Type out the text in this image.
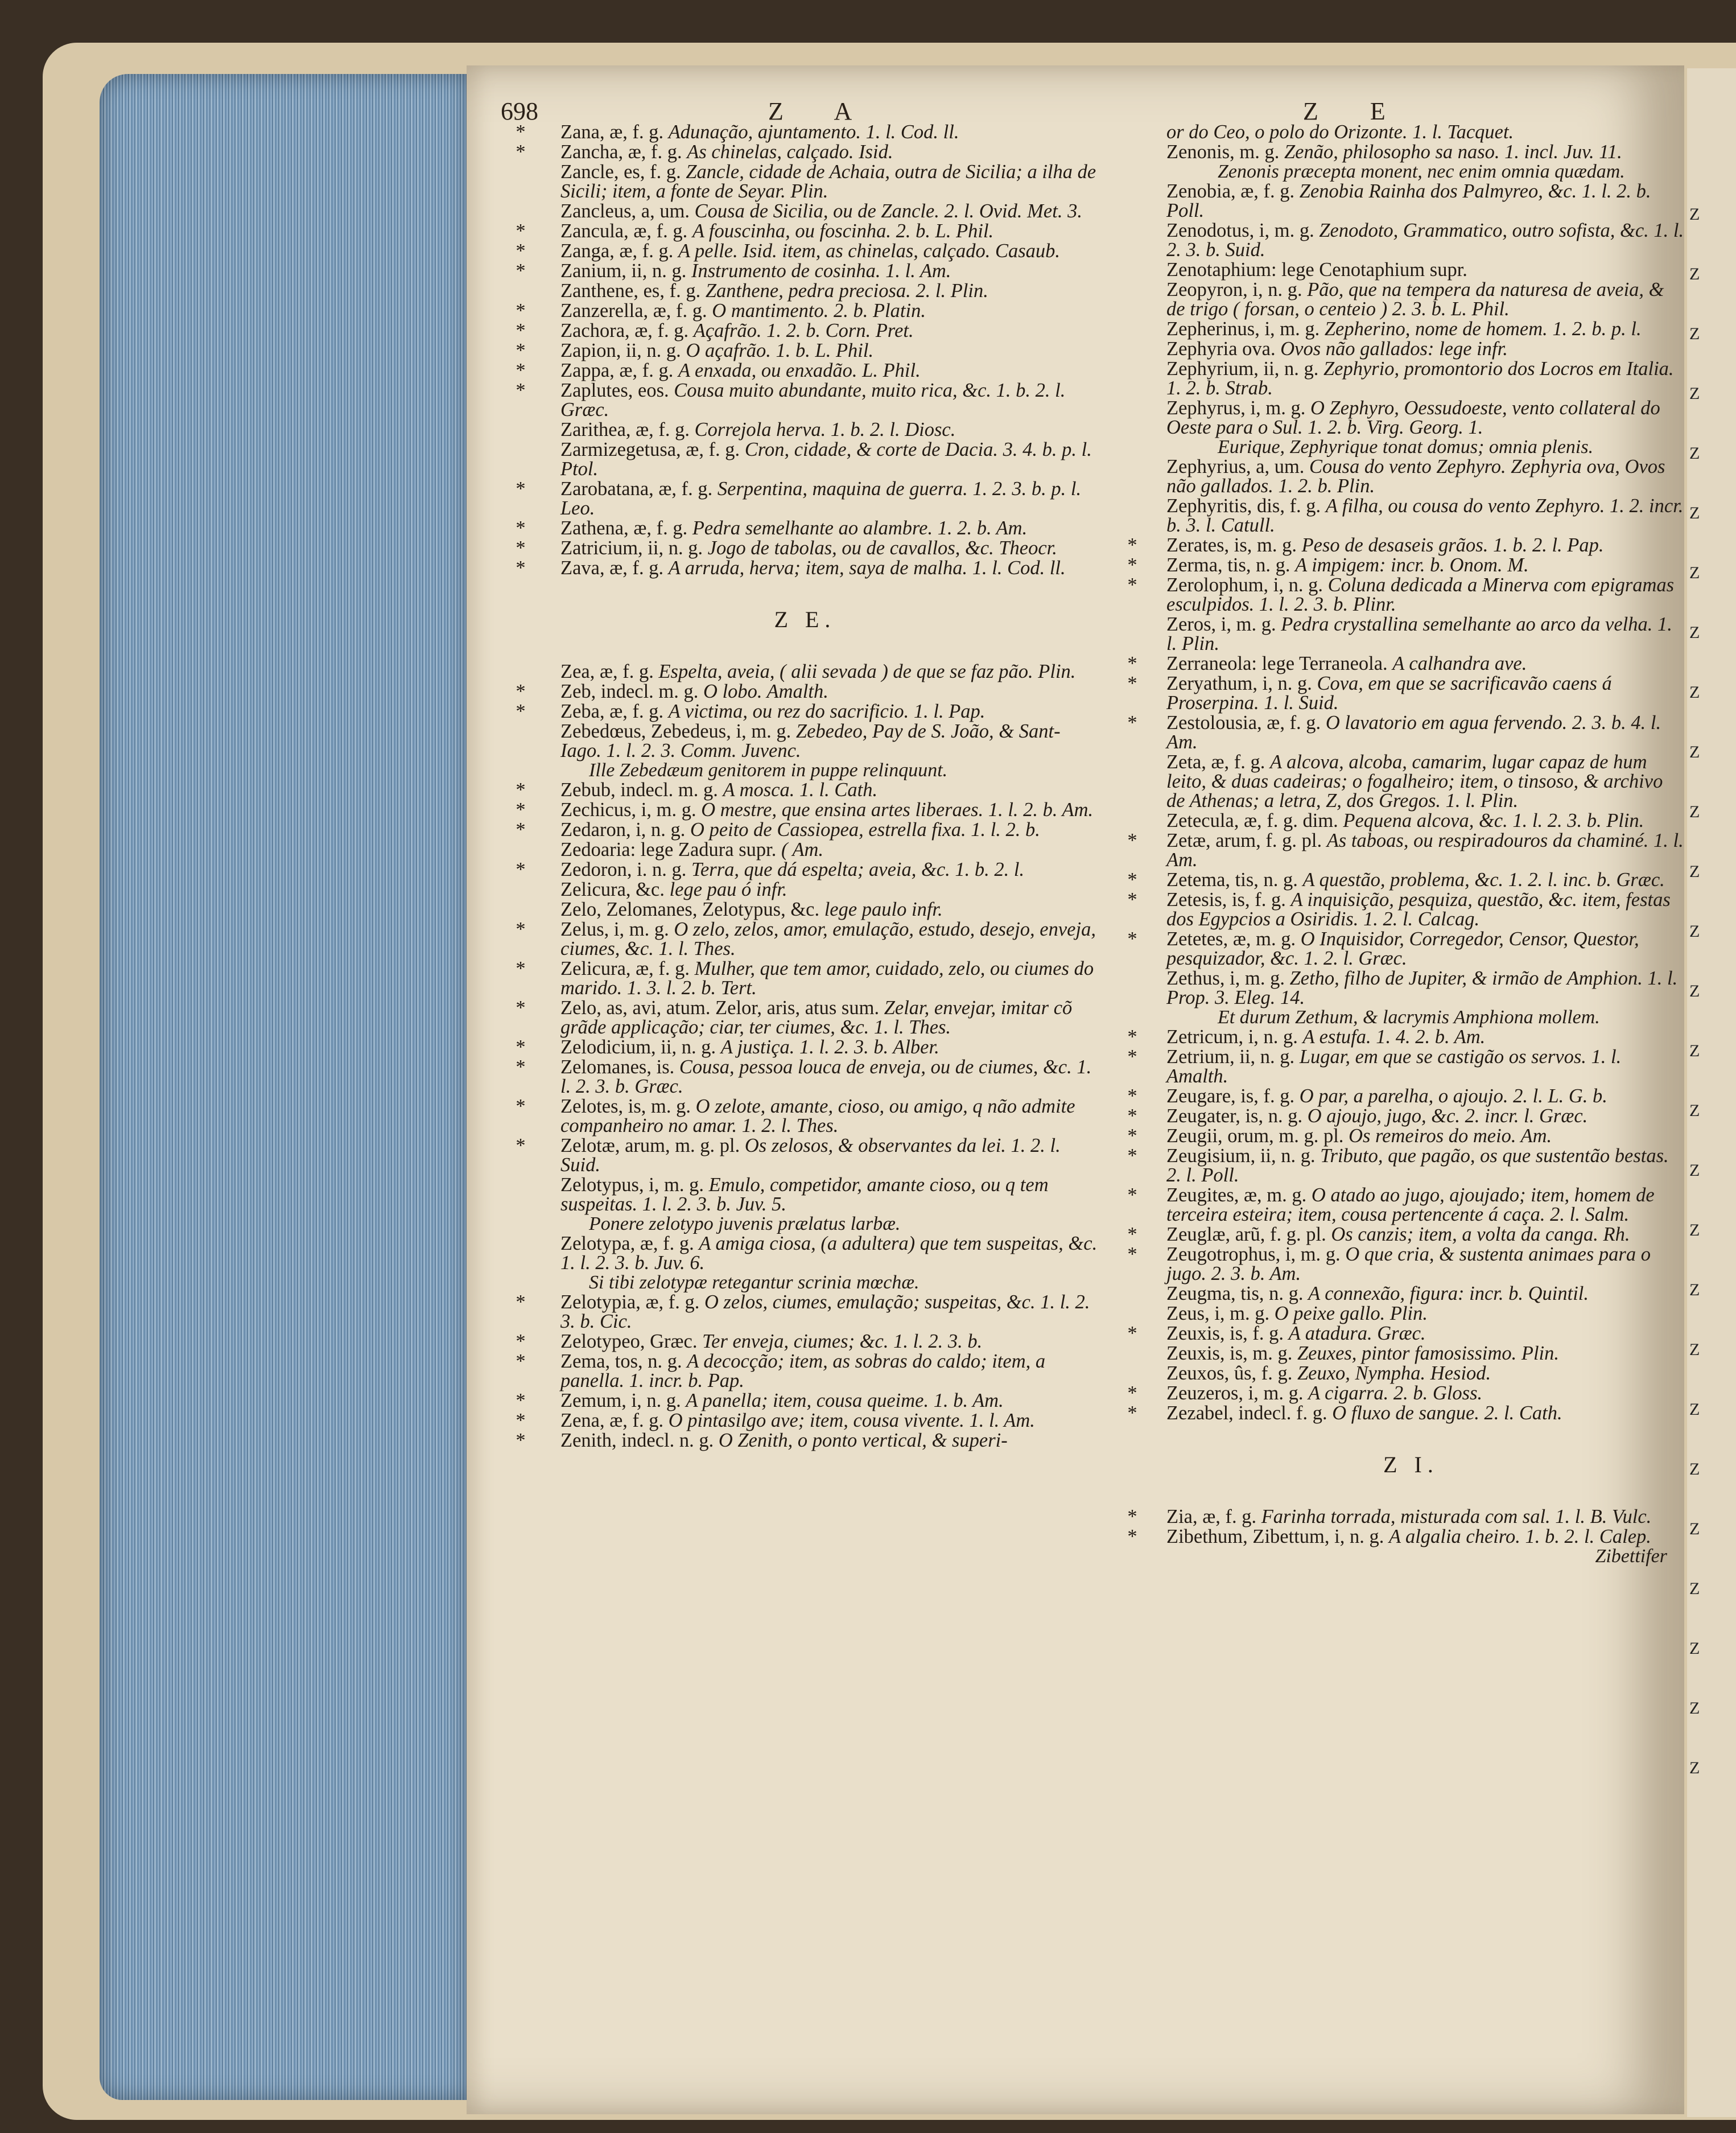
698	Z A	Z E
*	Zana, æ, f. g. Adunação, ajuntamento. 1. l. Cod. ll.
*	Zancha, æ, f. g. As chinelas, calçado. Isid.
Zancle, es, f. g. Zancle, cidade de Achaia, outra de Sicilia; a ilha de Sicili; item, a fonte de Seyar. Plin.
Zancleus, a, um. Cousa de Sicilia, ou de Zancle. 2. l. Ovid. Met. 3.
*	Zancula, æ, f. g. A fouscinha, ou foscinha. 2. b. L. Phil.
*	Zanga, æ, f. g. A pelle. Isid. item, as chinelas, calçado. Casaub.
*	Zanium, ii, n. g. Instrumento de cosinha. 1. l. Am.
Zanthene, es, f. g. Zanthene, pedra preciosa. 2. l. Plin.
*	Zanzerella, æ, f. g. O mantimento. 2. b. Platin.
*	Zachora, æ, f. g. Açafrão. 1. 2. b. Corn. Pret.
*	Zapion, ii, n. g. O açafrão. 1. b. L. Phil.
*	Zappa, æ, f. g. A enxada, ou enxadão. L. Phil.
*	Zaplutes, eos. Cousa muito abundante, muito rica, &c. 1. b. 2. l. Græc.
Zarithea, æ, f. g. Correjola herva. 1. b. 2. l. Diosc.
Zarmizegetusa, æ, f. g. Cron, cidade, & corte de Dacia. 3. 4. b. p. l. Ptol.
*	Zarobatana, æ, f. g. Serpentina, maquina de guerra. 1. 2. 3. b. p. l. Leo.
*	Zathena, æ, f. g. Pedra semelhante ao alambre. 1. 2. b. Am.
*	Zatricium, ii, n. g. Jogo de tabolas, ou de cavallos, &c. Theocr.
*	Zava, æ, f. g. A arruda, herva; item, saya de malha. 1. l. Cod. ll.
Z E.
Zea, æ, f. g. Espelta, aveia, ( alii sevada ) de que se faz pão. Plin.
*	Zeb, indecl. m. g. O lobo. Amalth.
*	Zeba, æ, f. g. A victima, ou rez do sacrificio. 1. l. Pap.
Zebedœus, Zebedeus, i, m. g. Zebedeo, Pay de S. João, & Sant-Iago. 1. l. 2. 3. Comm. Juvenc.
Ille Zebedæum genitorem in puppe relinquunt.
*	Zebub, indecl. m. g. A mosca. 1. l. Cath.
*	Zechicus, i, m. g. O mestre, que ensina artes liberaes. 1. l. 2. b. Am.
*	Zedaron, i, n. g. O peito de Cassiopea, estrella fixa. 1. l. 2. b.
Zedoaria: lege Zadura supr. ( Am.
*	Zedoron, i. n. g. Terra, que dá espelta; aveia, &c. 1. b. 2. l.
Zelicura, &c. lege pau ó infr.
Zelo, Zelomanes, Zelotypus, &c. lege paulo infr.
*	Zelus, i, m. g. O zelo, zelos, amor, emulação, estudo, desejo, enveja, ciumes, &c. 1. l. Thes.
*	Zelicura, æ, f. g. Mulher, que tem amor, cuidado, zelo, ou ciumes do marido. 1. 3. l. 2. b. Tert.
*	Zelo, as, avi, atum. Zelor, aris, atus sum. Zelar, envejar, imitar cõ grãde applicação; ciar, ter ciumes, &c. 1. l. Thes.
*	Zelodicium, ii, n. g. A justiça. 1. l. 2. 3. b. Alber.
*	Zelomanes, is. Cousa, pessoa louca de enveja, ou de ciumes, &c. 1. l. 2. 3. b. Græc.
*	Zelotes, is, m. g. O zelote, amante, cioso, ou amigo, q não admite companheiro no amar. 1. 2. l. Thes.
*	Zelotæ, arum, m. g. pl. Os zelosos, & observantes da lei. 1. 2. l. Suid.
Zelotypus, i, m. g. Emulo, competidor, amante cioso, ou q tem suspeitas. 1. l. 2. 3. b. Juv. 5.
Ponere zelotypo juvenis prælatus larbæ.
Zelotypa, æ, f. g. A amiga ciosa, (a adultera) que tem suspeitas, &c. 1. l. 2. 3. b. Juv. 6.
Si tibi zelotypæ retegantur scrinia mœchæ.
*	Zelotypia, æ, f. g. O zelos, ciumes, emulação; suspeitas, &c. 1. l. 2. 3. b. Cic.
*	Zelotypeo, Græc. Ter enveja, ciumes; &c. 1. l. 2. 3. b.
*	Zema, tos, n. g. A decocção; item, as sobras do caldo; item, a panella. 1. incr. b. Pap.
*	Zemum, i, n. g. A panella; item, cousa queime. 1. b. Am.
*	Zena, æ, f. g. O pintasilgo ave; item, cousa vivente. 1. l. Am.
*	Zenith, indecl. n. g. O Zenith, o ponto vertical, & superi-
or do Ceo, o polo do Orizonte. 1. l. Tacquet.
Zenonis, m. g. Zenão, philosopho sa naso. 1. incl. Juv. 11.
Zenonis præcepta monent, nec enim omnia quædam.
Zenobia, æ, f. g. Zenobia Rainha dos Palmyreo, &c. 1. l. 2. b. Poll.
Zenodotus, i, m. g. Zenodoto, Grammatico, outro sofista, &c. 1. l. 2. 3. b. Suid.
Zenotaphium: lege Cenotaphium supr.
Zeopyron, i, n. g. Pão, que na tempera da naturesa de aveia, & de trigo ( forsan, o centeio ) 2. 3. b. L. Phil.
Zepherinus, i, m. g. Zepherino, nome de homem. 1. 2. b. p. l.
Zephyria ova. Ovos não gallados: lege infr.
Zephyrium, ii, n. g. Zephyrio, promontorio dos Locros em Italia. 1. 2. b. Strab.
Zephyrus, i, m. g. O Zephyro, Oessudoeste, vento collateral do Oeste para o Sul. 1. 2. b. Virg. Georg. 1.
Eurique, Zephyrique tonat domus; omnia plenis.
Zephyrius, a, um. Cousa do vento Zephyro. Zephyria ova, Ovos não gallados. 1. 2. b. Plin.
Zephyritis, dis, f. g. A filha, ou cousa do vento Zephyro. 1. 2. incr. b. 3. l. Catull.
*	Zerates, is, m. g. Peso de desaseis grãos. 1. b. 2. l. Pap.
*	Zerma, tis, n. g. A impigem: incr. b. Onom. M.
*	Zerolophum, i, n. g. Coluna dedicada a Minerva com epigramas esculpidos. 1. l. 2. 3. b. Plinr.
Zeros, i, m. g. Pedra crystallina semelhante ao arco da velha. 1. l. Plin.
*	Zerraneola: lege Terraneola. A calhandra ave.
*	Zeryathum, i, n. g. Cova, em que se sacrificavão caens á Proserpina. 1. l. Suid.
*	Zestolousia, æ, f. g. O lavatorio em agua fervendo. 2. 3. b. 4. l. Am.
Zeta, æ, f. g. A alcova, alcoba, camarim, lugar capaz de hum leito, & duas cadeiras; o fogalheiro; item, o tinsoso, & archivo de Athenas; a letra, Z, dos Gregos. 1. l. Plin.
Zetecula, æ, f. g. dim. Pequena alcova, &c. 1. l. 2. 3. b. Plin.
*	Zetæ, arum, f. g. pl. As taboas, ou respiradouros da chaminé. 1. l. Am.
*	Zetema, tis, n. g. A questão, problema, &c. 1. 2. l. inc. b. Græc.
*	Zetesis, is, f. g. A inquisição, pesquiza, questão, &c. item, festas dos Egypcios a Osiridis. 1. 2. l. Calcag.
*	Zetetes, æ, m. g. O Inquisidor, Corregedor, Censor, Questor, pesquizador, &c. 1. 2. l. Græc.
Zethus, i, m. g. Zetho, filho de Jupiter, & irmão de Amphion. 1. l. Prop. 3. Eleg. 14.
Et durum Zethum, & lacrymis Amphiona mollem.
*	Zetricum, i, n. g. A estufa. 1. 4. 2. b. Am.
*	Zetrium, ii, n. g. Lugar, em que se castigão os servos. 1. l. Amalth.
*	Zeugare, is, f. g. O par, a parelha, o ajoujo. 2. l. L. G. b.
*	Zeugater, is, n. g. O ajoujo, jugo, &c. 2. incr. l. Græc.
*	Zeugii, orum, m. g. pl. Os remeiros do meio. Am.
*	Zeugisium, ii, n. g. Tributo, que pagão, os que sustentão bestas. 2. l. Poll.
*	Zeugites, æ, m. g. O atado ao jugo, ajoujado; item, homem de terceira esteira; item, cousa pertencente á caça. 2. l. Salm.
*	Zeuglæ, arũ, f. g. pl. Os canzis; item, a volta da canga. Rh.
*	Zeugotrophus, i, m. g. O que cria, & sustenta animaes para o jugo. 2. 3. b. Am.
Zeugma, tis, n. g. A connexão, figura: incr. b. Quintil.
Zeus, i, m. g. O peixe gallo. Plin.
*	Zeuxis, is, f. g. A atadura. Græc.
Zeuxis, is, m. g. Zeuxes, pintor famosissimo. Plin.
Zeuxos, ûs, f. g. Zeuxo, Nympha. Hesiod.
*	Zeuzeros, i, m. g. A cigarra. 2. b. Gloss.
*	Zezabel, indecl. f. g. O fluxo de sangue. 2. l. Cath.
Z I.
*	Zia, æ, f. g. Farinha torrada, misturada com sal. 1. l. B. Vulc.
*	Zibethum, Zibettum, i, n. g. A algalia cheiro. 1. b. 2. l. Calep.
Zibettifer
Z
Z
Z
Z
Z
Z
Z
Z
Z
Z
Z
Z
Z
Z
Z
Z
Z
Z
Z
Z
Z
Z
Z
Z
Z
Z
Z
